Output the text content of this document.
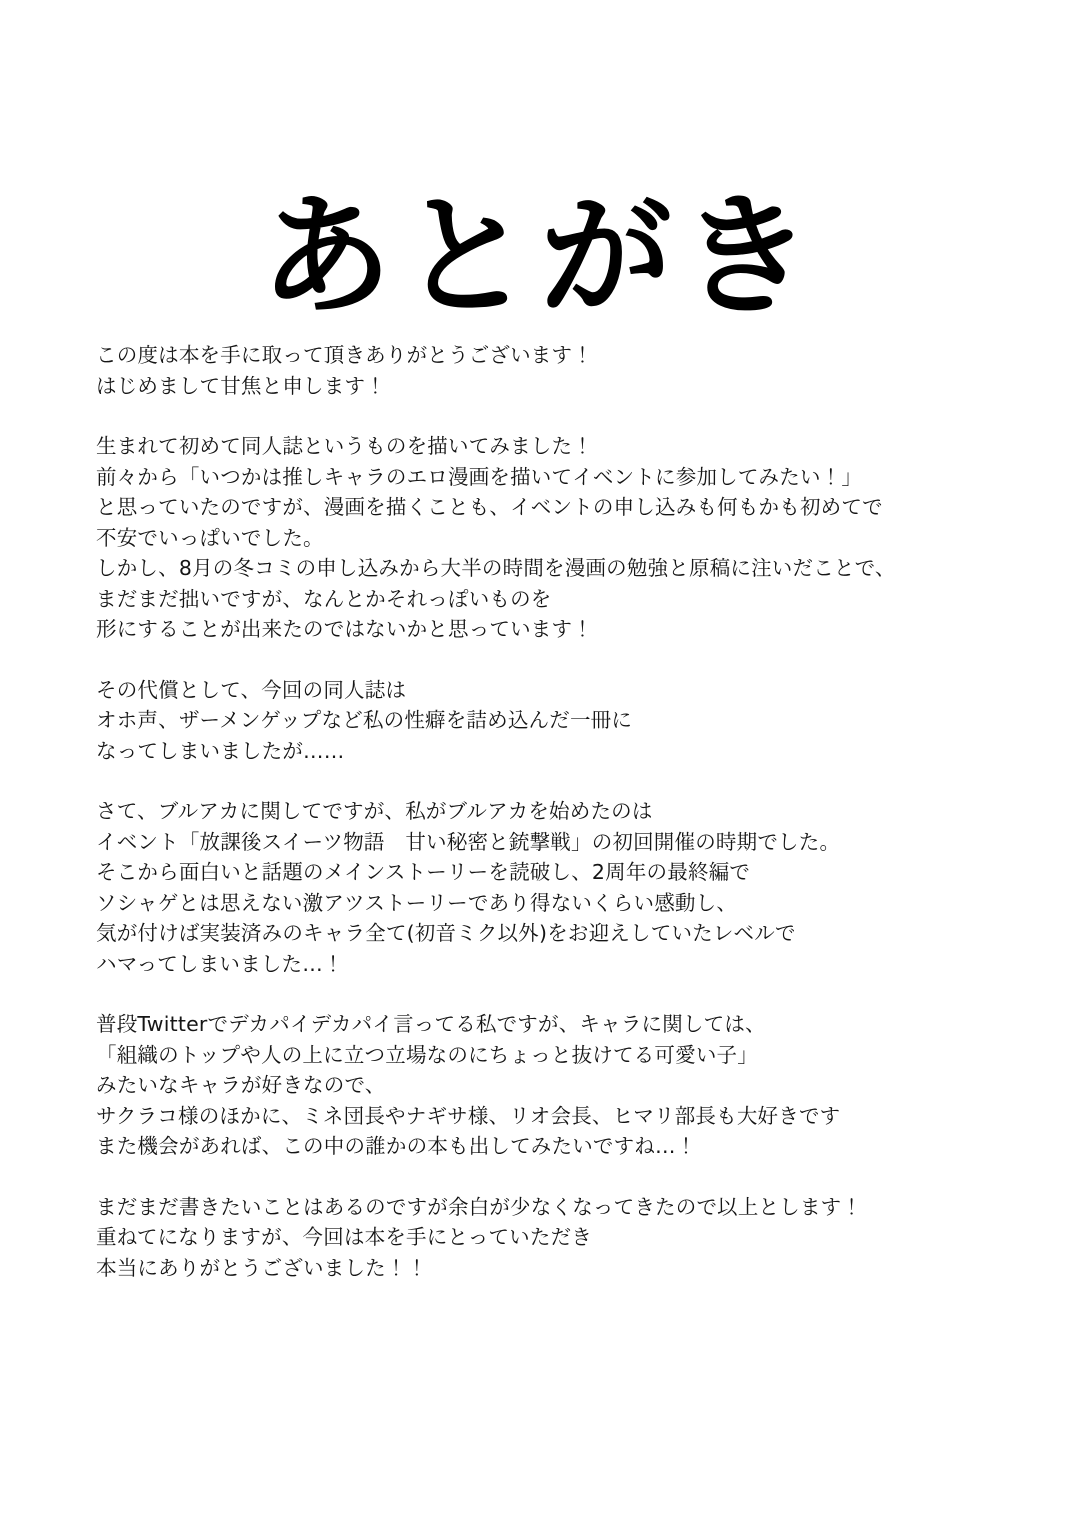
あとがき

この度は本を手に取って頂きありがとうございます！
はじめまして甘焦と申します！

生まれて初めて同人誌というものを描いてみました！
前々から「いつかは推しキャラのエロ漫画を描いてイベントに参加してみたい！」
と思っていたのですが、漫画を描くことも、イベントの申し込みも何もかも初めてで
不安でいっぱいでした。
しかし、8月の冬コミの申し込みから大半の時間を漫画の勉強と原稿に注いだことで、
まだまだ拙いですが、なんとかそれっぽいものを
形にすることが出来たのではないかと思っています！

その代償として、今回の同人誌は
オホ声、ザーメンゲップなど私の性癖を詰め込んだ一冊に
なってしまいましたが……

さて、ブルアカに関してですが、私がブルアカを始めたのは
イベント「放課後スイーツ物語　甘い秘密と銃撃戦」の初回開催の時期でした。
そこから面白いと話題のメインストーリーを読破し、2周年の最終編で
ソシャゲとは思えない激アツストーリーであり得ないくらい感動し、
気が付けば実装済みのキャラ全て(初音ミク以外)をお迎えしていたレベルで
ハマってしまいました…！

普段Twitterでデカパイデカパイ言ってる私ですが、キャラに関しては、
「組織のトップや人の上に立つ立場なのにちょっと抜けてる可愛い子」
みたいなキャラが好きなので、
サクラコ様のほかに、ミネ団長やナギサ様、リオ会長、ヒマリ部長も大好きです
また機会があれば、この中の誰かの本も出してみたいですね…！

まだまだ書きたいことはあるのですが余白が少なくなってきたので以上とします！
重ねてになりますが、今回は本を手にとっていただき
本当にありがとうございました！！
